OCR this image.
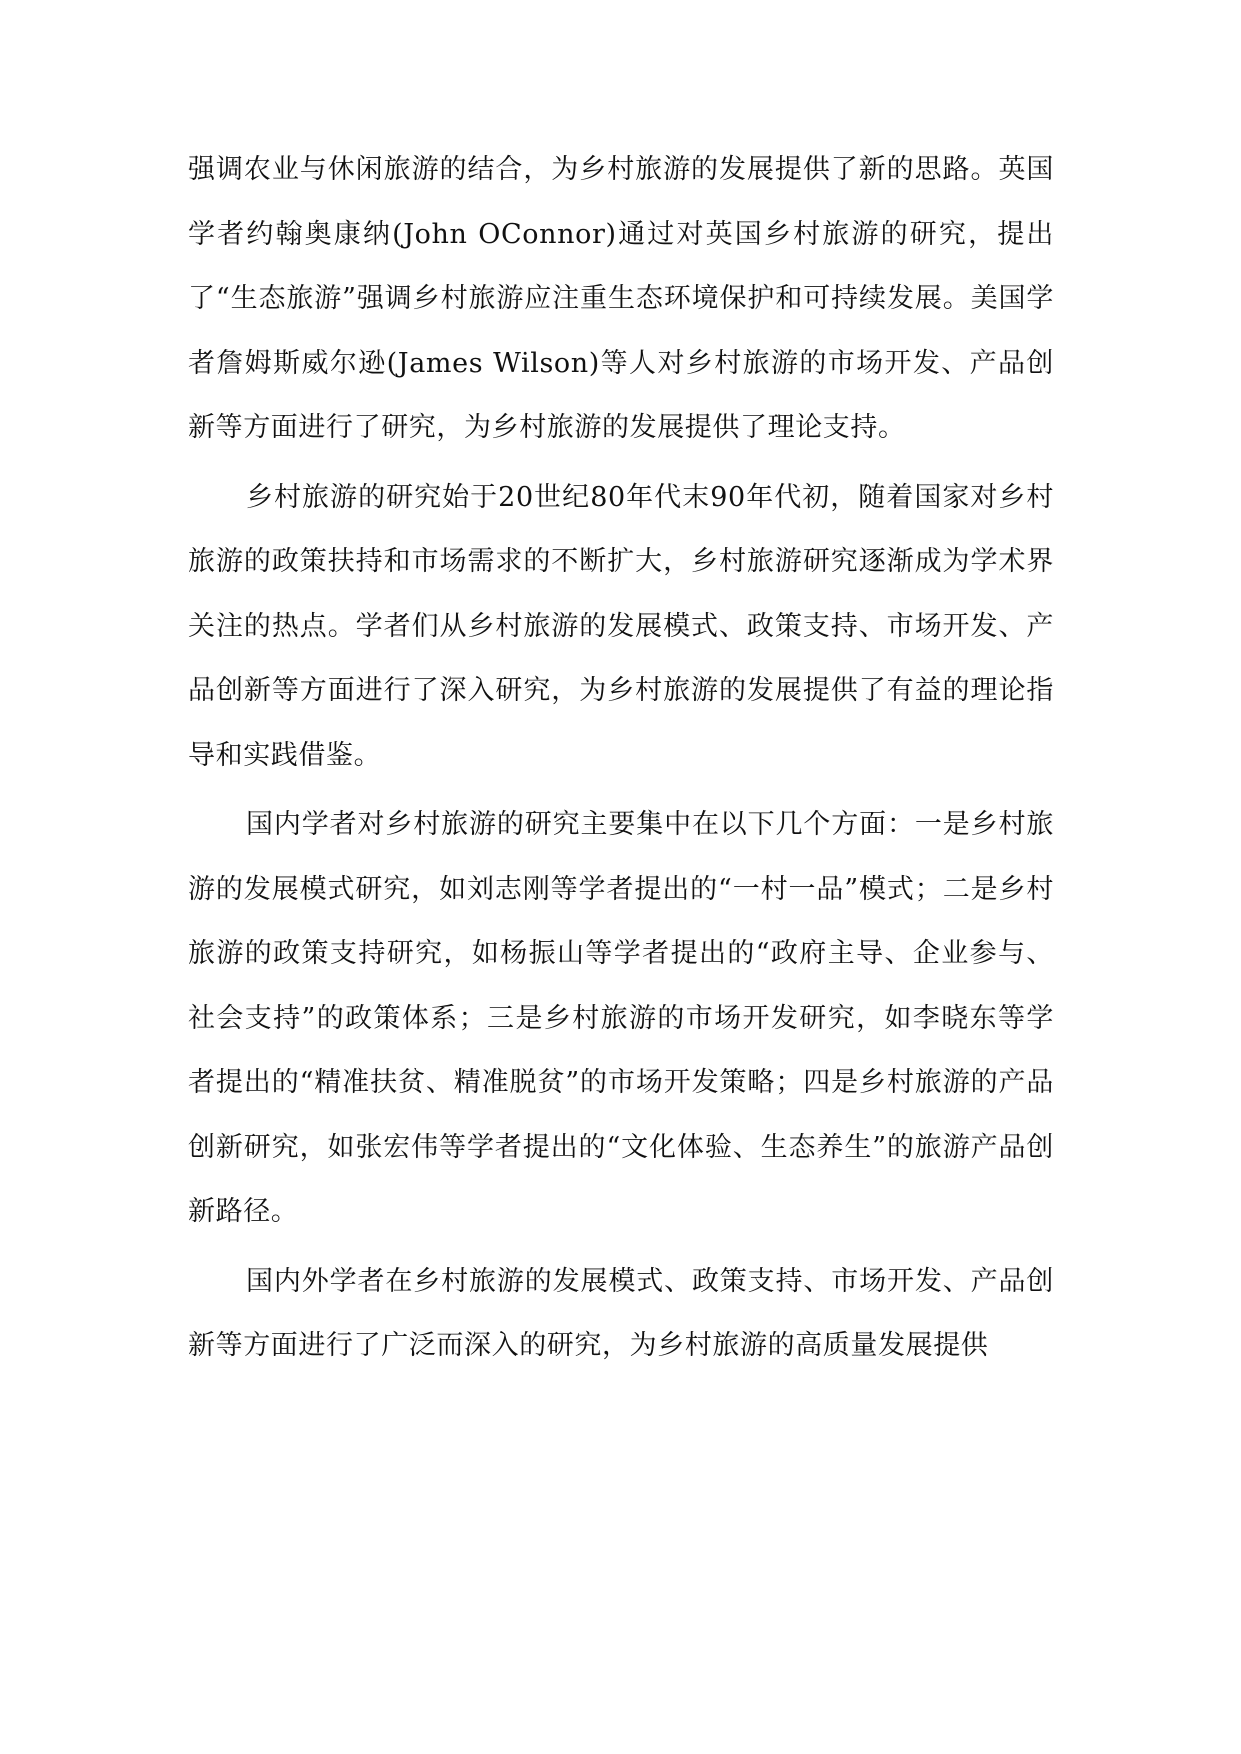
强调农业与休闲旅游的结合，为乡村旅游的发展提供了新的思路。英国学者约翰奥康纳(John OConnor)通过对英国乡村旅游的研究，提出了“生态旅游”强调乡村旅游应注重生态环境保护和可持续发展。美国学者詹姆斯威尔逊(James Wilson)等人对乡村旅游的市场开发、产品创新等方面进行了研究，为乡村旅游的发展提供了理论支持。

乡村旅游的研究始于20世纪80年代末90年代初，随着国家对乡村旅游的政策扶持和市场需求的不断扩大，乡村旅游研究逐渐成为学术界关注的热点。学者们从乡村旅游的发展模式、政策支持、市场开发、产品创新等方面进行了深入研究，为乡村旅游的发展提供了有益的理论指导和实践借鉴。

国内学者对乡村旅游的研究主要集中在以下几个方面：一是乡村旅游的发展模式研究，如刘志刚等学者提出的“一村一品”模式；二是乡村旅游的政策支持研究，如杨振山等学者提出的“政府主导、企业参与、社会支持”的政策体系；三是乡村旅游的市场开发研究，如李晓东等学者提出的“精准扶贫、精准脱贫”的市场开发策略；四是乡村旅游的产品创新研究，如张宏伟等学者提出的“文化体验、生态养生”的旅游产品创新路径。

国内外学者在乡村旅游的发展模式、政策支持、市场开发、产品创新等方面进行了广泛而深入的研究，为乡村旅游的高质量发展提供
